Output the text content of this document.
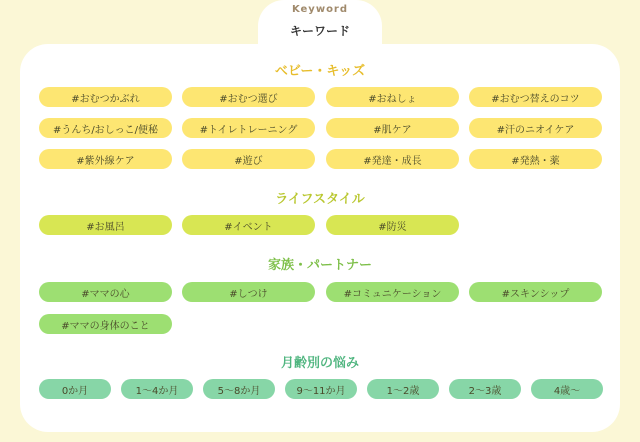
Keyword
キーワード
ベビー・キッズ
#おむつかぶれ	#おむつ選び	#おねしょ	#おむつ替えのコツ
#うんち/おしっこ/便秘	#トイレトレーニング	#肌ケア	#汗のニオイケア
#紫外線ケア	#遊び	#発達・成長	#発熱・薬
ライフスタイル
#お風呂	#イベント	#防災
家族・パートナー
#ママの心	#しつけ	#コミュニケーション	#スキンシップ
#ママの身体のこと
月齢別の悩み
0か月	1～4か月	5～8か月	9～11か月	1～2歳	2～3歳	4歳～
